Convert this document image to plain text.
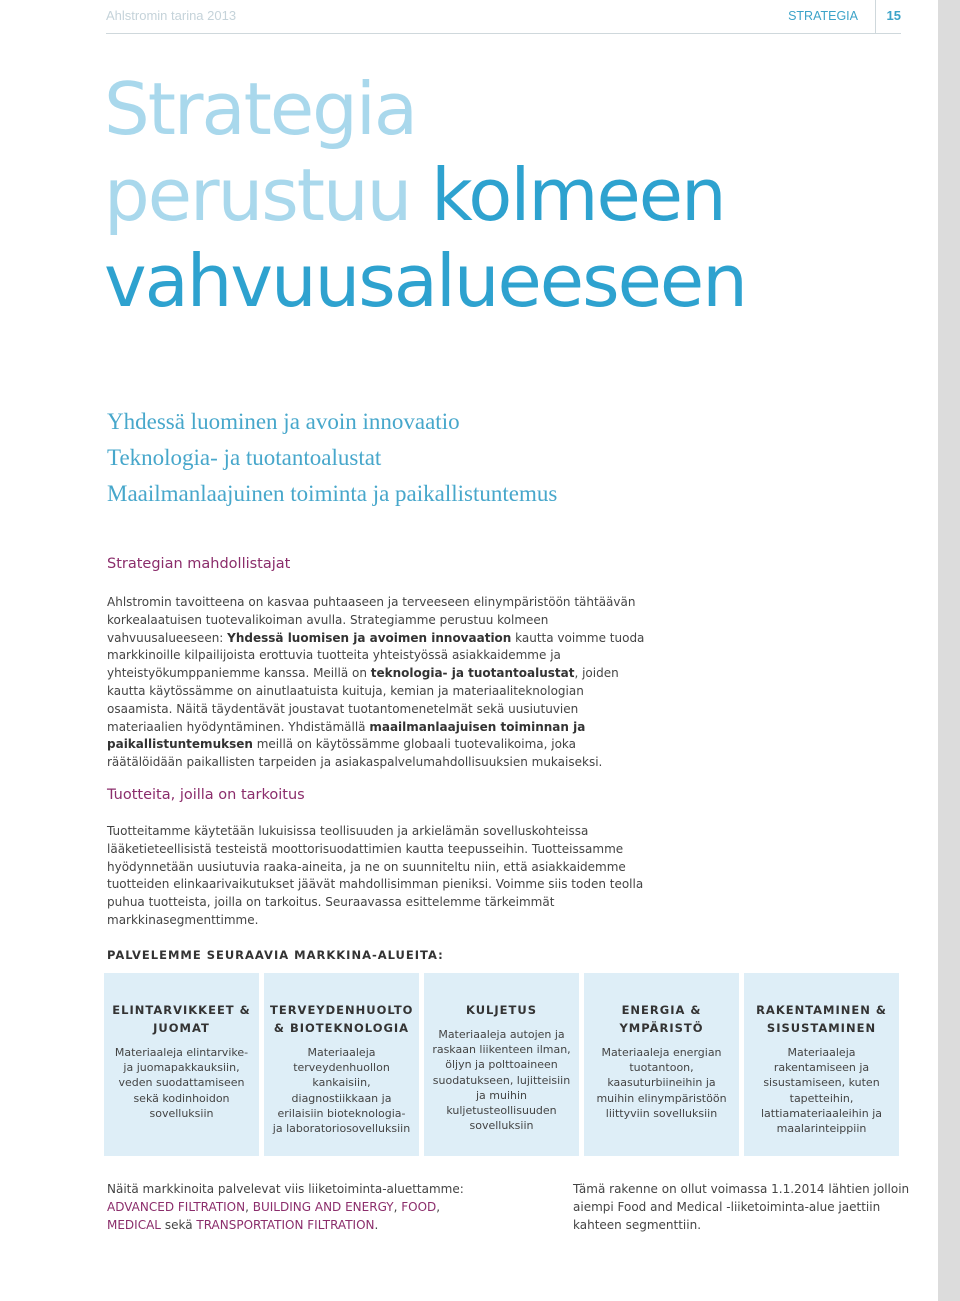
Ahlstromin tarina 2013	STRATEGIA	15
Strategia
perustuu kolmeen
vahvuusalueeseen
Yhdessä luominen ja avoin innovaatio
Teknologia- ja tuotantoalustat
Maailmanlaajuinen toiminta ja paikallistuntemus
Strategian mahdollistajat
Ahlstromin tavoitteena on kasvaa puhtaaseen ja terveeseen elinympäristöön tähtäävän korkealaatuisen tuotevalikoiman avulla. Strategiamme perustuu kolmeen vahvuusalueeseen: Yhdessä luomisen ja avoimen innovaation kautta voimme tuoda markkinoille kilpailijoista erottuvia tuotteita yhteistyössä asiakkaidemme ja yhteistyökumppaniemme kanssa. Meillä on teknologia- ja tuotantoalustat, joiden kautta käytössämme on ainutlaatuista kuituja, kemian ja materiaaliteknologian osaamista. Näitä täydentävät joustavat tuotantomenetelmät sekä uusiutuvien materiaalien hyödyntäminen. Yhdistämällä maailmanlaajuisen toiminnan ja paikallistuntemuksen meillä on käytössämme globaali tuotevalikoima, joka räätälöidään paikallisten tarpeiden ja asiakaspalvelumahdollisuuksien mukaiseksi.
Tuotteita, joilla on tarkoitus
Tuotteitamme käytetään lukuisissa teollisuuden ja arkielämän sovelluskohteissa lääketieteellisistä testeistä moottorisuodattimien kautta teepusseihin. Tuotteissamme hyödynnetään uusiutuvia raaka-aineita, ja ne on suunniteltu niin, että asiakkaidemme tuotteiden elinkaarivaikutukset jäävät mahdollisimman pieniksi. Voimme siis toden teolla puhua tuotteista, joilla on tarkoitus. Seuraavassa esittelemme tärkeimmät markkinasegmenttimme.
PALVELEMME SEURAAVIA MARKKINA-ALUEITA:
ELINTARVIKKEET & JUOMAT
Materiaaleja elintarvike- ja juomapakkauksiin, veden suodattamiseen sekä kodinhoidon sovelluksiin
TERVEYDENHUOLTO & BIOTEKNOLOGIA
Materiaaleja terveydenhuollon kankaisiin, diagnostiikkaan ja erilaisiin bioteknologia- ja laboratoriosovelluksiin
KULJETUS
Materiaaleja autojen ja raskaan liikenteen ilman, öljyn ja polttoaineen suodatukseen, lujitteisiin ja muihin kuljetusteollisuuden sovelluksiin
ENERGIA & YMPÄRISTÖ
Materiaaleja energian tuotantoon, kaasuturbiineihin ja muihin elinympäristöön liittyviin sovelluksiin
RAKENTAMINEN & SISUSTAMINEN
Materiaaleja rakentamiseen ja sisustamiseen, kuten tapetteihin, lattiamateriaaleihin ja maalarinteippiin
Näitä markkinoita palvelevat viis liiketoiminta-aluettamme:
ADVANCED FILTRATION, BUILDING AND ENERGY, FOOD,
MEDICAL sekä TRANSPORTATION FILTRATION.
Tämä rakenne on ollut voimassa 1.1.2014 lähtien jolloin aiempi Food and Medical -liiketoiminta-alue jaettiin kahteen segmenttiin.
